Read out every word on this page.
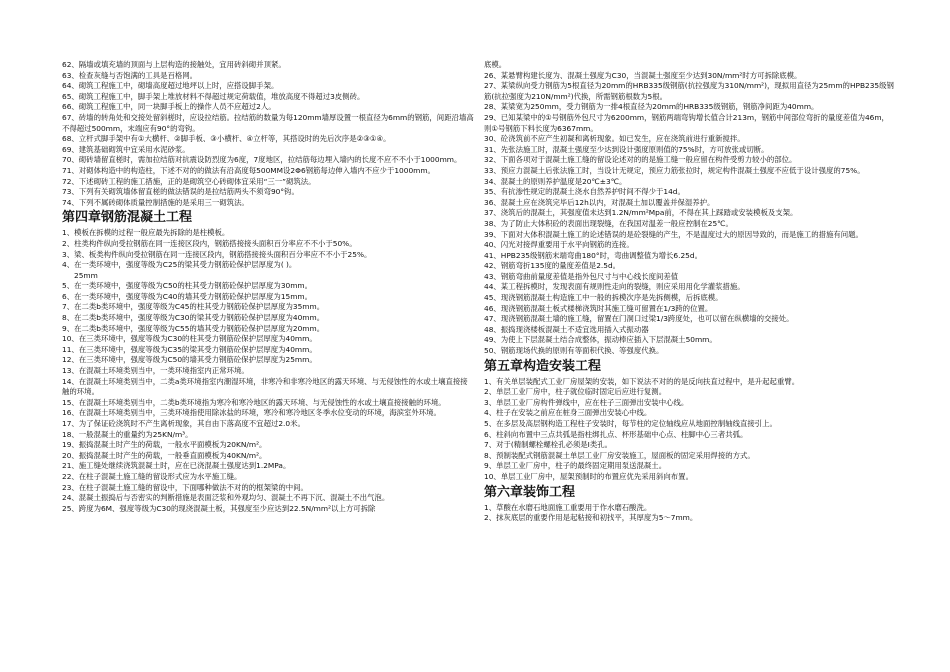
62、隔墙或填充墙的顶面与上层构造的接触处，宜用砖斜砌并顶紧。
63、检查灰缝与否饱满的工具是百格网。
64、砌筑工程施工中，砌墙高度超过地坪以上时，应搭设脚手架。
65、砌筑工程施工中，脚手架上堆放材料不得超过规定荷载值，堆放高度不得超过3皮侧砖。
66、砌筑工程施工中，同一块脚手板上的操作人员不应超过2人。
67、砖墙的转角处和交接处留斜槎时，应设拉结筋。拉结筋的数量为每120mm墙厚设置一根直径为6mm的钢筋，间距沿墙高不得超过500mm，末端应有90°的弯钩。
68、立杆式脚手架中有①大横杆、②脚手板、③小横杆、④立杆等，其搭设时的先后次序是②③①④。
69、建筑基础砌筑中宜采用水泥砂浆。
70、砌砖墙留直槎时，需加拉结筋对抗震设防烈度为6度，7度地区，拉结筋每边埋入墙内的长度不应不不小于1000mm。
71、对砌体构造中的构造柱，下述不对的的做法有沿高度每500MM设2Φ6钢筋每边伸入墙内不应少于1000mm。
72、下述砌砖工程的施工措施，正的是砌筑空心砖砌体宜采用“三一”砌筑法。
73、下列有关砌筑墙体留直槎的做法错误的是拉结筋两头不须弯90°钩。
74、下列不属砖砌体质量控制措施的是采用三一砌筑法。
第四章钢筋混凝土工程
1、模板在拆模的过程一般应最先拆除的是柱模板。
2、柱类构件纵向受拉钢筋在同一连接区段内，钢筋搭接接头面积百分率应不不小于50%。
3、梁、板类构件纵向受拉钢筋在同一连接区段内，钢筋搭接接头面积百分率应不不小于25%。
4、在一类环境中，强度等级为C25的梁其受力钢筋砼保护层厚度为( )。
25mm
5、在一类环境中，强度等级为C50的柱其受力钢筋砼保护层厚度为30mm。
6、在一类环境中，强度等级为C40的墙其受力钢筋砼保护层厚度为15mm。
7、在二类b类环境中，强度等级为C45的柱其受力钢筋砼保护层厚度为35mm。
8、在二类b类环境中，强度等级为C30的梁其受力钢筋砼保护层厚度为40mm。
9、在二类b类环境中，强度等级为C55的墙其受力钢筋砼保护层厚度为20mm。
10、在三类环境中，强度等级为C30的柱其受力钢筋砼保护层厚度为40mm。
11、在三类环境中，强度等级为C35的梁其受力钢筋砼保护层厚度为40mm。
12、在三类环境中，强度等级为C50的墙其受力钢筋砼保护层厚度为25mm。
13、在混凝土环境类别当中，一类环境指室内正常环境。
14、在混凝土环境类别当中，二类a类环境指室内潮湿环境，非寒冷和非寒冷地区的露天环境、与无侵蚀性的水或土壤直接接触的环境。
15、在混凝土环境类别当中，二类b类环境指为寒冷和寒冷地区的露天环境、与无侵蚀性的水或土壤直接接触的环境。
16、在混凝土环境类别当中，三类环境指使用除冰盐的环境，寒冷和寒冷地区冬季水位变动的环境，海滨室外环境。
17、为了保证砼浇筑时不产生离析现象，其自由下落高度不宜超过2.0米。
18、一般混凝土的重量约为25KN/m³。
19、振捣混凝土时产生的荷载，一般水平面模板为20KN/m²。
20、振捣混凝土时产生的荷载，一般垂直面模板为40KN/m²。
21、施工缝处继续浇筑混凝土时，应在已浇混凝土强度达到1.2MPa。
22、在柱子混凝土施工缝的留设形式应为水平施工缝。
23、在柱子混凝土施工缝的留设中，下面哪种做法不对的的框架梁的中间。
24、混凝土振捣后与否密实的判断措施是表面泛浆和外观均匀、混凝土不再下沉、混凝土不出气泡。
25、跨度为6M、强度等级为C30的现浇混凝土板，其强度至少应达到22.5N/mm²以上方可拆除
底模。
26、某悬臂构建长度为、混凝土强度为C30，当混凝土强度至少达到30N/mm²时方可拆除底模。
27、某梁纵向受力钢筋为5根直径为20mm的HRB335级钢筋(抗拉强度为310N/mm²)，现拟用直径为25mm的HPB235级钢筋(抗拉强度为210N/mm²)代换，所需钢筋根数为5根。
28、某梁宽为250mm，受力钢筋为一排4根直径为20mm的HRB335级钢筋，钢筋净间距为40mm。
29、已知某梁中的①号钢筋外包尺寸为6200mm，钢筋两端弯钩增长值合计213m，钢筋中间部位弯折的量度差值为46m，则①号钢筋下料长度为6367mm。
30、砼浇筑前不应产生初凝和离析现象。如已发生，应在浇筑前进行重新搅拌。
31、先张法施工时，混凝土强度至少达到设计强度原则值的75%时，方可放张或切断。
32、下面各项对于混凝土施工缝的留设论述对的的是施工缝一般应留在构件受剪力较小的部位。
33、预应力混凝土后张法施工时，当设计无规定，预应力筋张拉时，规定构件混凝土强度不应低于设计强度的75%。
34、混凝土的原则养护温度是20℃±3℃。
35、有抗渗性规定的混凝土浇水自然养护时间不得少于14d。
36、混凝土应在浇筑完毕后12h以内，对混凝土加以覆盖并保湿养护。
37、浇筑后的混凝土，其强度值未达到1.2N/mm²Mpa前，不得在其上踩踏或安装模板及支架。
38、为了防止大体积砼的表面出现裂缝，在我国对温差一般应控制在25℃。
39、下面对大体积混凝土施工的论述错误的是砼裂缝的产生，不是温度过大的原因导致的，而是施工的措施有问题。
40、闪光对接焊重要用于水平向钢筋的连接。
41、HPB235级钢筋末端弯曲180°时，弯曲调整值为增长6.25d。
42、钢筋弯折135度的量度差值是2.5d。
43、钢筋弯曲前量度差值是指外包尺寸与中心线长度间差值
44、某工程拆模时，发现表面有规则性走向的裂缝，则应采用用化学灌浆措施。
45、现浇钢筋混凝土构造施工中一般的拆模次序是先拆侧模，后拆底模。
46、现浇钢筋混凝土板式楼梯浇筑时其施工缝可留置在1/3跨的位置。
47、现浇钢筋混凝土墙的施工缝，留置在门洞口过梁1/3跨度处，也可以留在纵横墙的交接处。
48、振捣现浇楼板混凝土不适宜选用插入式振动器
49、为使上下层混凝土结合成整体，振动棒应插入下层混凝土50mm。
50、钢筋现场代换的原则有等面积代换、等强度代换。
第五章构造安装工程
1、有关单层装配式工业厂房屋架的安装，如下说法不对的的是反向扶直过程中，是升起起重臂。
2、单层工业厂房中，柱子就位临时固定后应进行复测。
3、单层工业厂房构件弹线中，应在柱子三面弹出安装中心线。
4、柱子在安装之前应在桩身三面弹出安装心中线。
5、在多层及高层钢构造工程柱子安装时，每节柱的定位轴线应从地面控制轴线直接引上。
6、柱斜向布置中三点共弧是指柱绑扎点、杯形基础中心点、柱脚中心三者共弧。
7、对于(精制螺栓螺栓孔必须是Ⅰ类孔。
8、预制装配式钢筋混凝土单层工业厂房安装施工，屋面板的固定采用焊接的方式。
9、单层工业厂房中，柱子的最终固定期用泵送混凝土。
10、单层工业厂房中，屋架预制时的布置应优先采用斜向布置。
第六章装饰工程
1、草酸在水磨石地面施工重要用于作水磨石酸洗。
2、抹灰底层的重要作用是起粘接和初找平，其厚度为5～7mm。
